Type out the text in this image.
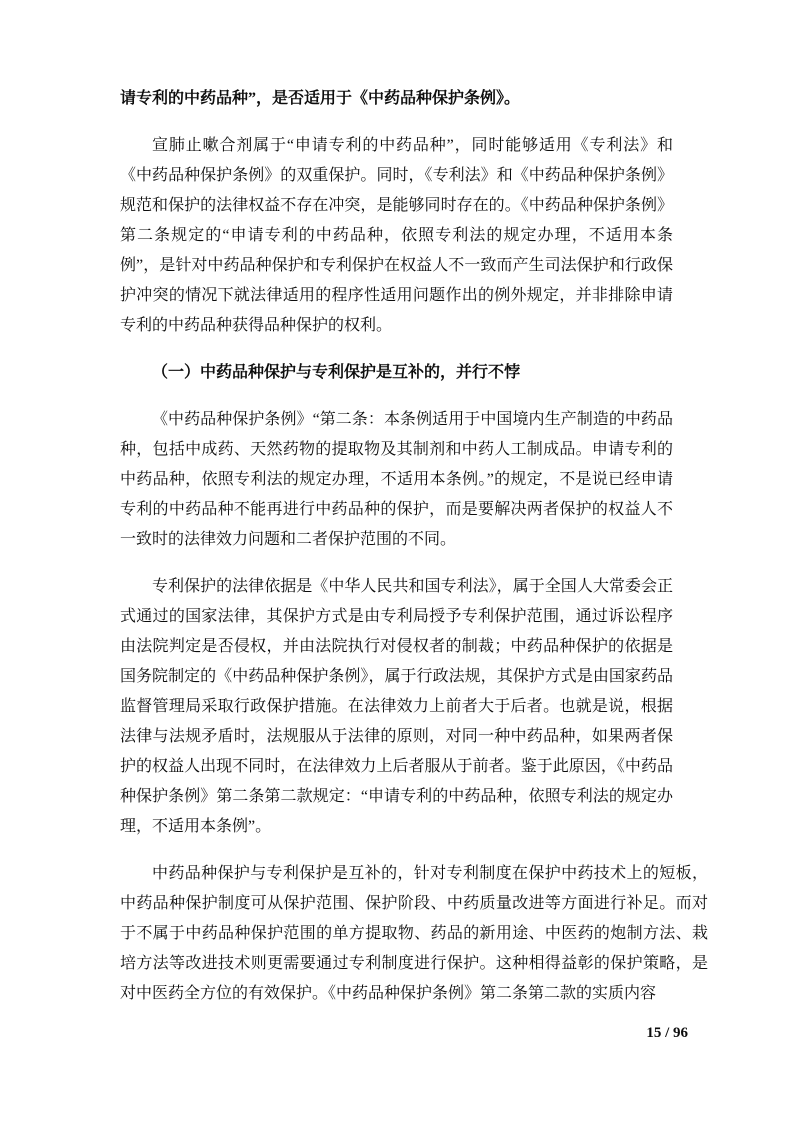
请专利的中药品种”，是否适用于《中药品种保护条例》。
宣肺止嗽合剂属于“申请专利的中药品种”，同时能够适用《专利法》和《中药品种保护条例》的双重保护。同时，《专利法》和《中药品种保护条例》规范和保护的法律权益不存在冲突，是能够同时存在的。《中药品种保护条例》第二条规定的“申请专利的中药品种，依照专利法的规定办理，不适用本条例”，是针对中药品种保护和专利保护在权益人不一致而产生司法保护和行政保护冲突的情况下就法律适用的程序性适用问题作出的例外规定，并非排除申请专利的中药品种获得品种保护的权利。
（一）中药品种保护与专利保护是互补的，并行不悖
《中药品种保护条例》“第二条：本条例适用于中国境内生产制造的中药品种，包括中成药、天然药物的提取物及其制剂和中药人工制成品。申请专利的中药品种，依照专利法的规定办理，不适用本条例。”的规定，不是说已经申请专利的中药品种不能再进行中药品种的保护，而是要解决两者保护的权益人不一致时的法律效力问题和二者保护范围的不同。
专利保护的法律依据是《中华人民共和国专利法》，属于全国人大常委会正式通过的国家法律，其保护方式是由专利局授予专利保护范围，通过诉讼程序由法院判定是否侵权，并由法院执行对侵权者的制裁；中药品种保护的依据是国务院制定的《中药品种保护条例》，属于行政法规，其保护方式是由国家药品监督管理局采取行政保护措施。在法律效力上前者大于后者。也就是说，根据法律与法规矛盾时，法规服从于法律的原则，对同一种中药品种，如果两者保护的权益人出现不同时，在法律效力上后者服从于前者。鉴于此原因，《中药品种保护条例》第二条第二款规定：“申请专利的中药品种，依照专利法的规定办理，不适用本条例”。
中药品种保护与专利保护是互补的，针对专利制度在保护中药技术上的短板，中药品种保护制度可从保护范围、保护阶段、中药质量改进等方面进行补足。而对于不属于中药品种保护范围的单方提取物、药品的新用途、中医药的炮制方法、栽培方法等改进技术则更需要通过专利制度进行保护。这种相得益彰的保护策略，是对中医药全方位的有效保护。《中药品种保护条例》第二条第二款的实质内容
15 / 96
